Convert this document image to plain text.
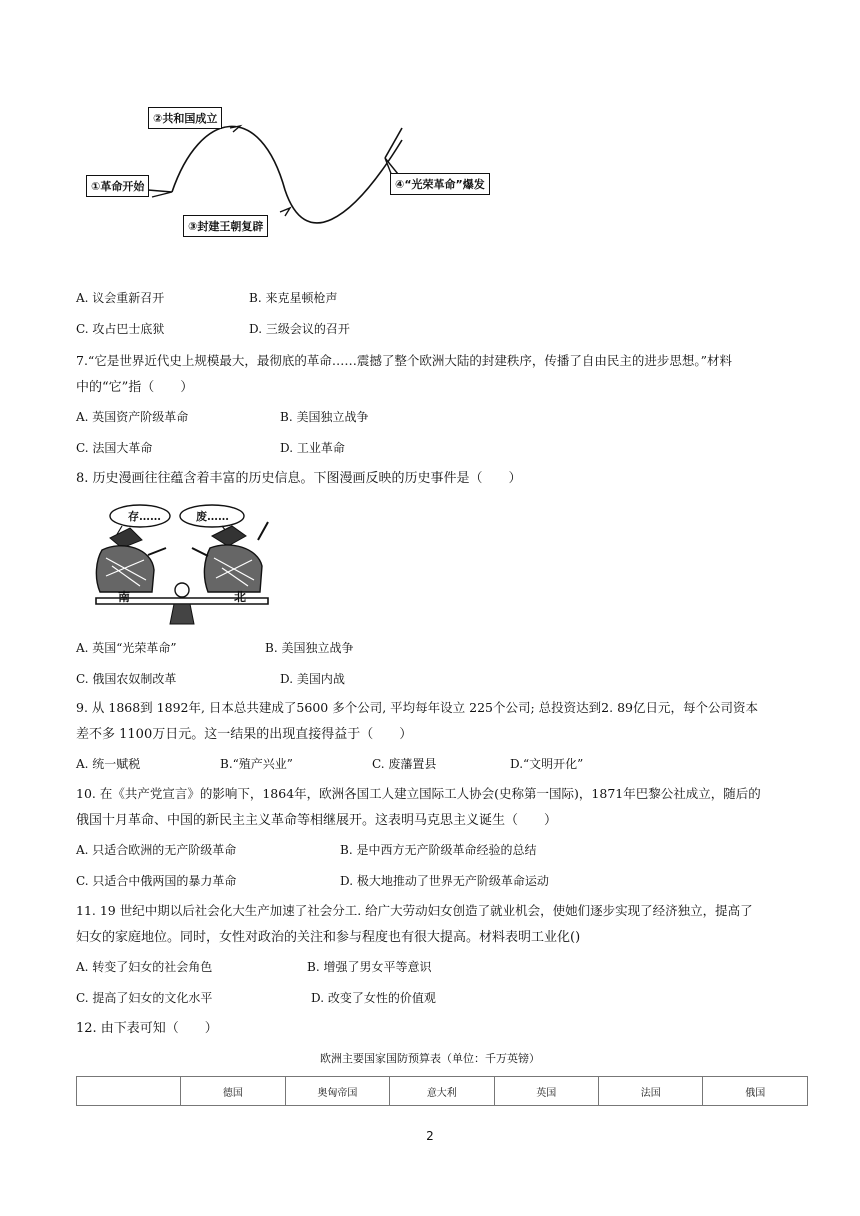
①革命开始
②共和国成立
③封建王朝复辟
④“光荣革命”爆发
A. 议会重新召开	B. 来克星顿枪声
C. 攻占巴士底狱	D. 三级会议的召开
7.“它是世界近代史上规模最大，最彻底的革命……震撼了整个欧洲大陆的封建秩序，传播了自由民主的进步思想。”材料
中的“它”指（　　）
A. 英国资产阶级革命	B. 美国独立战争
C. 法国大革命	D. 工业革命
8. 历史漫画往往蕴含着丰富的历史信息。下图漫画反映的历史事件是（　　）
存……	废……
南	北
A. 英国“光荣革命”	B. 美国独立战争
C. 俄国农奴制改革	D. 美国内战
9. 从 1868到 1892年, 日本总共建成了5600 多个公司, 平均每年设立 225个公司; 总投资达到2. 89亿日元，每个公司资本
差不多 1100万日元。这一结果的出现直接得益于（　　）
A. 统一赋税	B.“殖产兴业”	C. 废藩置县	D.“文明开化”
10. 在《共产党宣言》的影响下，1864年，欧洲各国工人建立国际工人协会(史称第一国际)，1871年巴黎公社成立，随后的
俄国十月革命、中国的新民主主义革命等相继展开。这表明马克思主义诞生（　　）
A. 只适合欧洲的无产阶级革命	B. 是中西方无产阶级革命经验的总结
C. 只适合中俄两国的暴力革命	D. 极大地推动了世界无产阶级革命运动
11. 19 世纪中期以后社会化大生产加速了社会分工. 给广大劳动妇女创造了就业机会，使她们逐步实现了经济独立，提高了
妇女的家庭地位。同时，女性对政治的关注和参与程度也有很大提高。材料表明工业化()
A. 转变了妇女的社会角色	B. 增强了男女平等意识
C. 提高了妇女的文化水平	D. 改变了女性的价值观
12. 由下表可知（　　）
欧洲主要国家国防预算表（单位：千万英镑）
	德国	奥匈帝国	意大利	英国	法国	俄国
2
